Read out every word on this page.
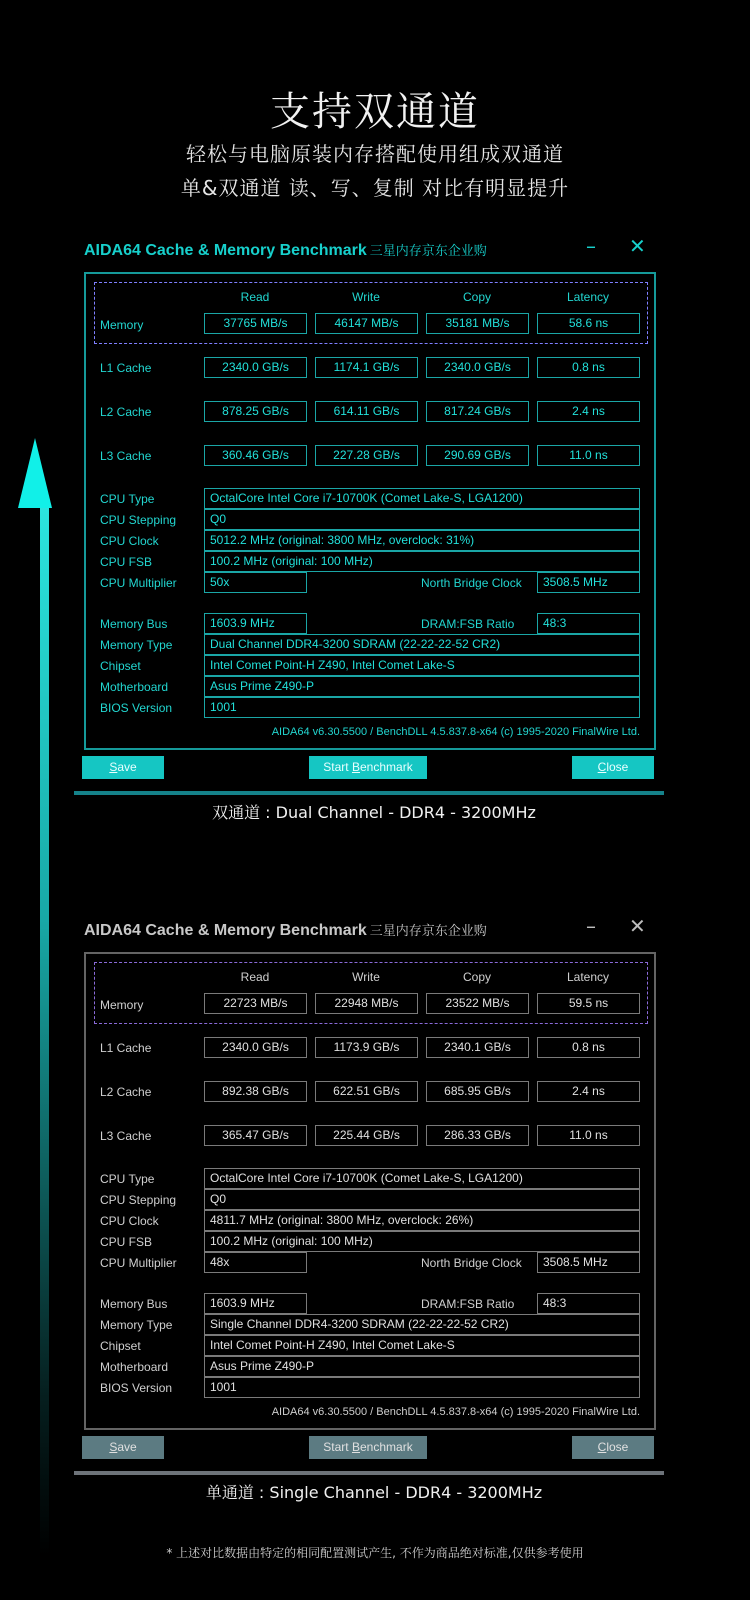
支持双通道
轻松与电脑原装内存搭配使用组成双通道
单&双通道 读、写、复制 对比有明显提升
AIDA64 Cache & Memory Benchmark 三星内存京东企业购	– ✕
Read	Write	Copy	Latency
Memory	37765 MB/s	46147 MB/s	35181 MB/s	58.6 ns
L1 Cache	2340.0 GB/s	1174.1 GB/s	2340.0 GB/s	0.8 ns
L2 Cache	878.25 GB/s	614.11 GB/s	817.24 GB/s	2.4 ns
L3 Cache	360.46 GB/s	227.28 GB/s	290.69 GB/s	11.0 ns
CPU Type	OctalCore Intel Core i7-10700K (Comet Lake-S, LGA1200)
CPU Stepping	Q0
CPU Clock	5012.2 MHz (original: 3800 MHz, overclock: 31%)
CPU FSB	100.2 MHz (original: 100 MHz)
CPU Multiplier	50x	North Bridge Clock	3508.5 MHz
Memory Bus	1603.9 MHz	DRAM:FSB Ratio	48:3
Memory Type	Dual Channel DDR4-3200 SDRAM (22-22-22-52 CR2)
Chipset	Intel Comet Point-H Z490, Intel Comet Lake-S
Motherboard	Asus Prime Z490-P
BIOS Version	1001
AIDA64 v6.30.5500 / BenchDLL 4.5.837.8-x64 (c) 1995-2020 FinalWire Ltd.
Save	Start Benchmark	Close
双通道 : Dual Channel - DDR4 - 3200MHz
AIDA64 Cache & Memory Benchmark 三星内存京东企业购	– ✕
Read	Write	Copy	Latency
Memory	22723 MB/s	22948 MB/s	23522 MB/s	59.5 ns
L1 Cache	2340.0 GB/s	1173.9 GB/s	2340.1 GB/s	0.8 ns
L2 Cache	892.38 GB/s	622.51 GB/s	685.95 GB/s	2.4 ns
L3 Cache	365.47 GB/s	225.44 GB/s	286.33 GB/s	11.0 ns
CPU Type	OctalCore Intel Core i7-10700K (Comet Lake-S, LGA1200)
CPU Stepping	Q0
CPU Clock	4811.7 MHz (original: 3800 MHz, overclock: 26%)
CPU FSB	100.2 MHz (original: 100 MHz)
CPU Multiplier	48x	North Bridge Clock	3508.5 MHz
Memory Bus	1603.9 MHz	DRAM:FSB Ratio	48:3
Memory Type	Single Channel DDR4-3200 SDRAM (22-22-22-52 CR2)
Chipset	Intel Comet Point-H Z490, Intel Comet Lake-S
Motherboard	Asus Prime Z490-P
BIOS Version	1001
AIDA64 v6.30.5500 / BenchDLL 4.5.837.8-x64 (c) 1995-2020 FinalWire Ltd.
Save	Start Benchmark	Close
单通道 : Single Channel - DDR4 - 3200MHz
* 上述对比数据由特定的相同配置测试产生, 不作为商品绝对标准,仅供参考使用
